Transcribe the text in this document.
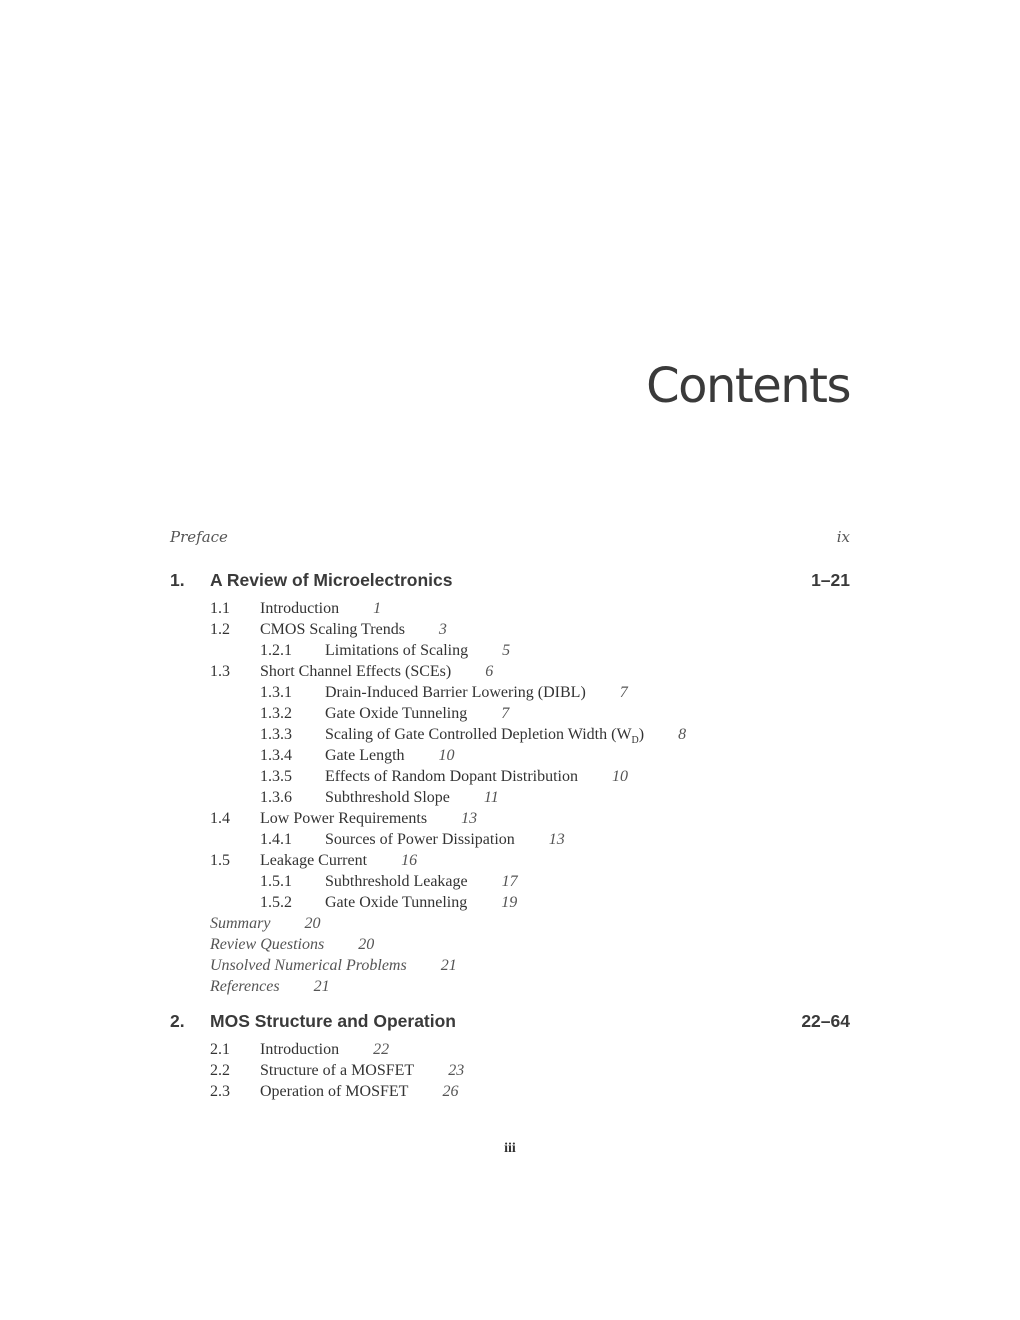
Contents
Preface	ix
1. A Review of Microelectronics	1–21
1.1 Introduction 1
1.2 CMOS Scaling Trends 3
1.2.1 Limitations of Scaling 5
1.3 Short Channel Effects (SCEs) 6
1.3.1 Drain-Induced Barrier Lowering (DIBL) 7
1.3.2 Gate Oxide Tunneling 7
1.3.3 Scaling of Gate Controlled Depletion Width $(W_D)$ 8
1.3.4 Gate Length 10
1.3.5 Effects of Random Dopant Distribution 10
1.3.6 Subthreshold Slope 11
1.4 Low Power Requirements 13
1.4.1 Sources of Power Dissipation 13
1.5 Leakage Current 16
1.5.1 Subthreshold Leakage 17
1.5.2 Gate Oxide Tunneling 19
Summary 20
Review Questions 20
Unsolved Numerical Problems 21
References 21
2. MOS Structure and Operation	22–64
2.1 Introduction 22
2.2 Structure of a MOSFET 23
2.3 Operation of MOSFET 26
iii
